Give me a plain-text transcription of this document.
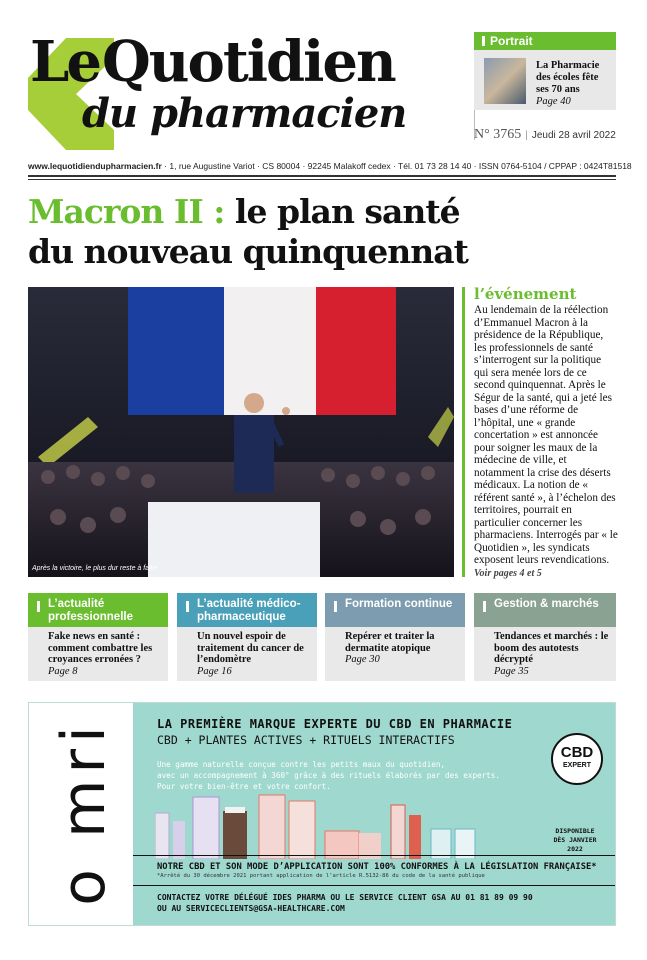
Le Quotidien
du pharmacien
Portrait
La Pharmacie des écoles fête ses 70 ans
Page 40
N° 3765 | Jeudi 28 avril 2022
www.lequotidiendupharmacien.fr · 1, rue Augustine Variot · CS 80004 · 92245 Malakoff cedex · Tél. 01 73 28 14 40 · ISSN 0764-5104 / CPPAP : 0424T81518
Macron II : le plan santé
du nouveau quinquennat
Après la victoire, le plus dur reste à faire
l’événement
Au lendemain de la réélection d’Emmanuel Macron à la présidence de la République, les professionnels de santé s’interrogent sur la politique qui sera menée lors de ce second quinquennat. Après le Ségur de la santé, qui a jeté les bases d’une réforme de l’hôpital, une « grande concertation » est annoncée pour soigner les maux de la médecine de ville, et notamment la crise des déserts médicaux. La notion de « référent santé », à l’échelon des territoires, pourrait en particulier concerner les pharmaciens. Interrogés par « le Quotidien », les syndicats exposent leurs revendications.
Voir pages 4 et 5
L’actualité professionnelle
Fake news en santé : comment combattre les croyances erronées ?
Page 8
L’actualité médico-pharmaceutique
Un nouvel espoir de traitement du cancer de l’endomètre
Page 16
Formation continue
Repérer et traiter la dermatite atopique
Page 30
Gestion & marchés
Tendances et marchés : le boom des autotests décrypté
Page 35
o mri	LA PREMIÈRE MARQUE EXPERTE DU CBD EN PHARMACIE
CBD + PLANTES ACTIVES + RITUELS INTERACTIFS
Une gamme naturelle conçue contre les petits maux du quotidien,
avec un accompagnement à 360° grâce à des rituels élaborés par des experts.
Pour votre bien-être et votre confort.
CBD
EXPERT
DISPONIBLE
DÈS JANVIER
2022
NOTRE CBD ET SON MODE D’APPLICATION SONT 100% CONFORMES À LA LÉGISLATION FRANÇAISE*
*Arrêté du 30 décembre 2021 portant application de l’article R.5132-86 du code de la santé publique
CONTACTEZ VOTRE DÉLÉGUÉ IDES PHARMA OU LE SERVICE CLIENT GSA AU 01 81 89 09 90
OU AU SERVICECLIENTS@GSA-HEALTHCARE.COM
